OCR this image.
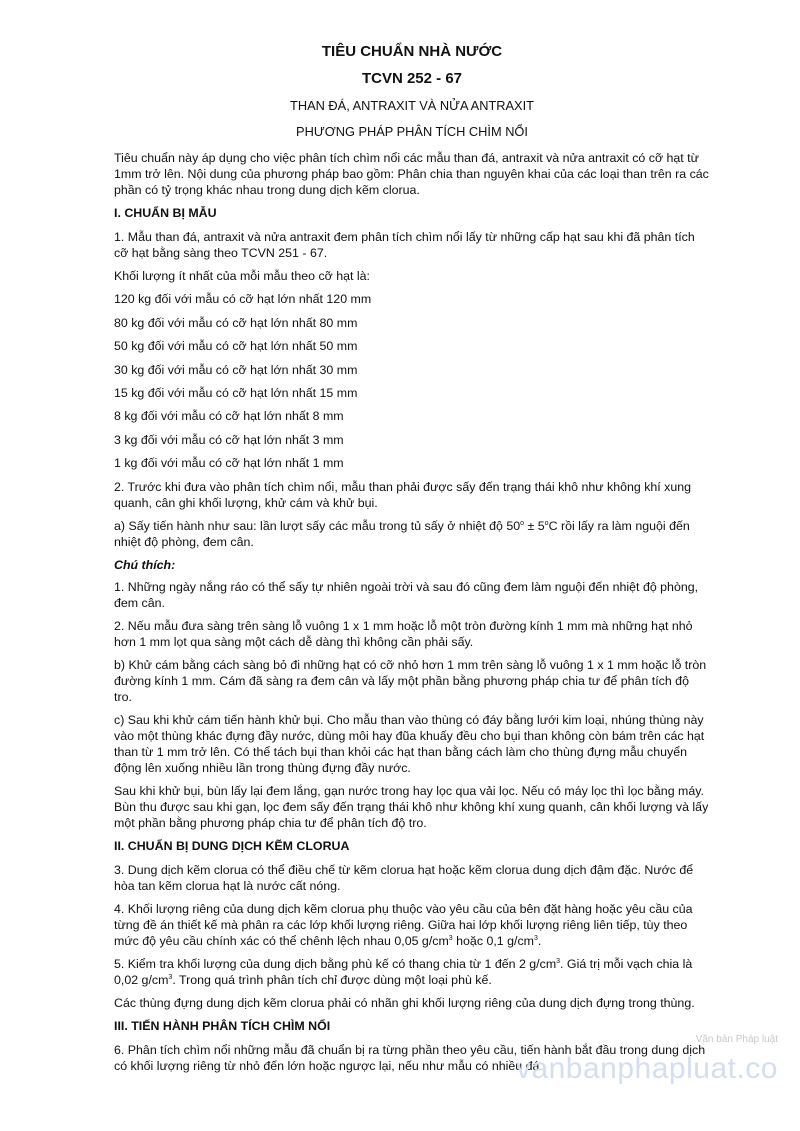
TIÊU CHUẨN NHÀ NƯỚC
TCVN 252 - 67
THAN ĐÁ, ANTRAXIT VÀ NỬA ANTRAXIT
PHƯƠNG PHÁP PHÂN TÍCH CHÌM NỔI

Tiêu chuẩn này áp dụng cho việc phân tích chìm nổi các mẫu than đá, antraxit và nửa antraxit có cỡ hạt từ 1mm trở lên. Nội dung của phương pháp bao gồm: Phân chia than nguyên khai của các loại than trên ra các phần có tỷ trọng khác nhau trong dung dịch kẽm clorua.

I. CHUẨN BỊ MẪU

1. Mẫu than đá, antraxit và nửa antraxit đem phân tích chìm nổi lấy từ những cấp hạt sau khi đã phân tích cỡ hạt bằng sàng theo TCVN 251 - 67.

Khối lượng ít nhất của mỗi mẫu theo cỡ hạt là:

120 kg đối với mẫu có cỡ hạt lớn nhất 120 mm
80 kg đối với mẫu có cỡ hạt lớn nhất 80 mm
50 kg đối với mẫu có cỡ hạt lớn nhất 50 mm
30 kg đối với mẫu có cỡ hạt lớn nhất 30 mm
15 kg đối với mẫu có cỡ hạt lớn nhất 15 mm
8 kg đối với mẫu có cỡ hạt lớn nhất 8 mm
3 kg đối với mẫu có cỡ hạt lớn nhất 3 mm
1 kg đối với mẫu có cỡ hạt lớn nhất 1 mm

2. Trước khi đưa vào phân tích chìm nổi, mẫu than phải được sấy đến trạng thái khô như không khí xung quanh, cân ghi khối lượng, khử cám và khử bụi.

a) Sấy tiến hành như sau: lần lượt sấy các mẫu trong tủ sấy ở nhiệt độ $50^o \pm 5^oC$ rồi lấy ra làm nguội đến nhiệt độ phòng, đem cân.

Chú thích:

1. Những ngày nắng ráo có thể sấy tự nhiên ngoài trời và sau đó cũng đem làm nguội đến nhiệt độ phòng, đem cân.

2. Nếu mẫu đưa sàng trên sàng lỗ vuông 1 x 1 mm hoặc lỗ một tròn đường kính 1 mm mà những hạt nhỏ hơn 1 mm lọt qua sàng một cách dễ dàng thì không cần phải sấy.

b) Khử cám bằng cách sàng bỏ đi những hạt có cỡ nhỏ hơn 1 mm trên sàng lỗ vuông 1 x 1 mm hoặc lỗ tròn đường kính 1 mm. Cám đã sàng ra đem cân và lấy một phần bằng phương pháp chia tư để phân tích độ tro.

c) Sau khi khử cám tiến hành khử bụi. Cho mẫu than vào thùng có đáy bằng lưới kim loại, nhúng thùng này vào một thùng khác đựng đầy nước, dùng môi hay đũa khuấy đều cho bụi than không còn bám trên các hạt than từ 1 mm trở lên. Có thể tách bụi than khỏi các hạt than bằng cách làm cho thùng đựng mẫu chuyển động lên xuống nhiều lần trong thùng đựng đầy nước.

Sau khi khử bụi, bùn lấy lại đem lắng, gạn nước trong hay lọc qua vải lọc. Nếu có máy lọc thì lọc bằng máy. Bùn thu được sau khi gạn, lọc đem sấy đến trạng thái khô như không khí xung quanh, cân khối lượng và lấy một phần bằng phương pháp chia tư để phân tích độ tro.

II. CHUẨN BỊ DUNG DỊCH KẼM CLORUA

3. Dung dịch kẽm clorua có thể điều chế từ kẽm clorua hạt hoặc kẽm clorua dung dịch đậm đặc. Nước để hòa tan kẽm clorua hạt là nước cất nóng.

4. Khối lượng riêng của dung dịch kẽm clorua phụ thuộc vào yêu cầu của bên đặt hàng hoặc yêu cầu của từng đề án thiết kế mà phân ra các lớp khối lượng riêng. Giữa hai lớp khối lượng riêng liên tiếp, tùy theo mức độ yêu cầu chính xác có thể chênh lệch nhau 0,05 $g/cm^3$ hoặc 0,1 $g/cm^3$.

5. Kiểm tra khối lượng của dung dịch bằng phù kế có thang chia từ 1 đến 2 $g/cm^3$. Giá trị mỗi vạch chia là 0,02 $g/cm^3$. Trong quá trình phân tích chỉ được dùng một loại phù kế.

Các thùng đựng dung dịch kẽm clorua phải có nhãn ghi khối lượng riêng của dung dịch đựng trong thùng.

III. TIẾN HÀNH PHÂN TÍCH CHÌM NỔI

6. Phân tích chìm nổi những mẫu đã chuẩn bị ra từng phần theo yêu cầu, tiến hành bắt đầu trong dung dịch có khối lượng riêng từ nhỏ đến lớn hoặc ngược lại, nếu như mẫu có nhiều đá.

Văn bản Pháp luật
vanbanphapluat.co
